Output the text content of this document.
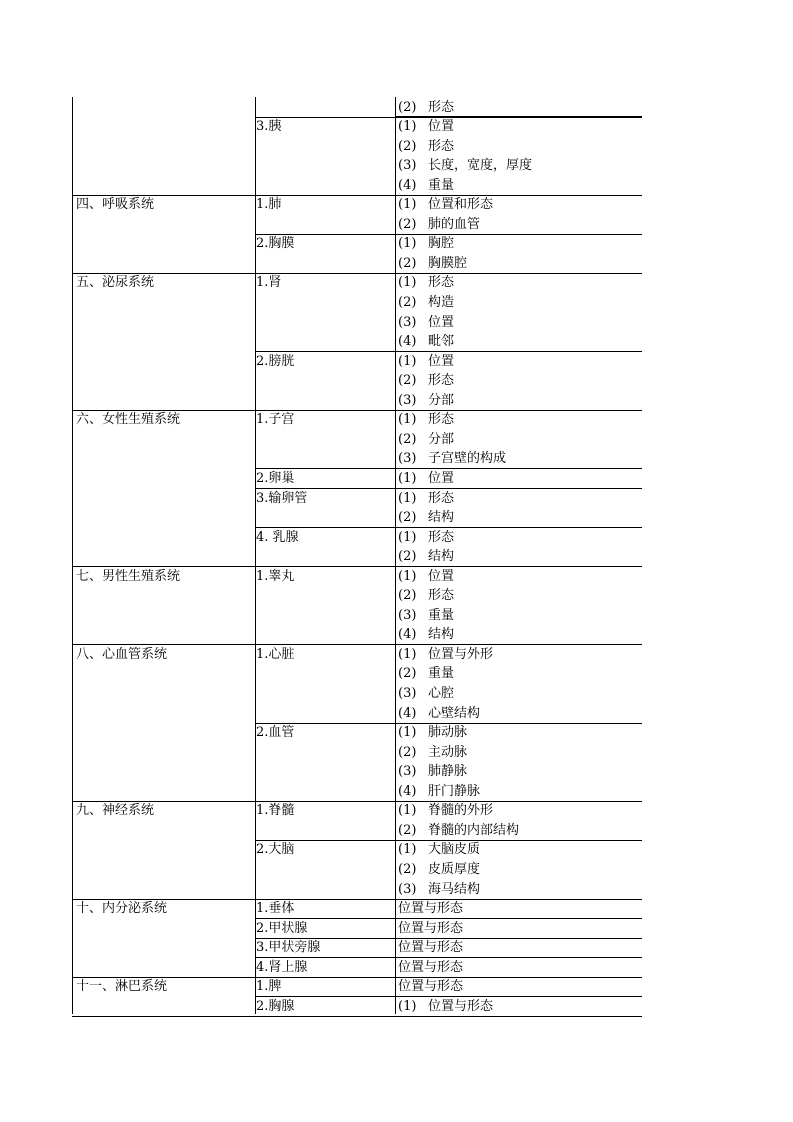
(2) 形态
3.胰	(1) 位置
(2) 形态
(3) 长度，宽度，厚度
(4) 重量
四、呼吸系统	1.肺	(1) 位置和形态
(2) 肺的血管
2.胸膜	(1) 胸腔
(2) 胸膜腔
五、泌尿系统	1.肾	(1) 形态
(2) 构造
(3) 位置
(4) 毗邻
2.膀胱	(1) 位置
(2) 形态
(3) 分部
六、女性生殖系统	1.子宫	(1) 形态
(2) 分部
(3) 子宫壁的构成
2.卵巢	(1) 位置
3.输卵管	(1) 形态
(2) 结构
4. 乳腺	(1) 形态
(2) 结构
七、男性生殖系统	1.睾丸	(1) 位置
(2) 形态
(3) 重量
(4) 结构
八、心血管系统	1.心脏	(1) 位置与外形
(2) 重量
(3) 心腔
(4) 心壁结构
2.血管	(1) 肺动脉
(2) 主动脉
(3) 肺静脉
(4) 肝门静脉
九、神经系统	1.脊髓	(1) 脊髓的外形
(2) 脊髓的内部结构
2.大脑	(1) 大脑皮质
(2) 皮质厚度
(3) 海马结构
十、内分泌系统	1.垂体	位置与形态
2.甲状腺	位置与形态
3.甲状旁腺	位置与形态
4.肾上腺	位置与形态
十一、淋巴系统	1.脾	位置与形态
2.胸腺	(1) 位置与形态
